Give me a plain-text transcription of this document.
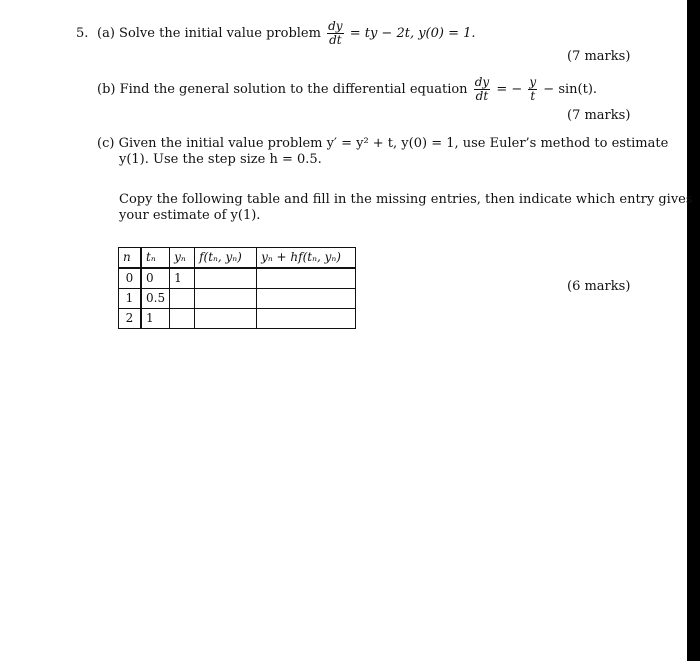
5. (a) Solve the initial value problem $\frac{dy}{dt}$ = ty − 2t, y(0) = 1.
(7 marks)
(b) Find the general solution to the differential equation $\frac{dy}{dt}$ = − $\frac{y}{t} - \sin(t)$.
(7 marks)
(c) Given the initial value problem y′ = y² + t, y(0) = 1, use Euler’s method to estimate
y(1). Use the step size h = 0.5.
Copy the following table and fill in the missing entries, then indicate which entry gives
your estimate of y(1).
n	tₙ	yₙ	f(tₙ, yₙ)	yₙ + hf(tₙ, yₙ)
0	0	1		
1	0.5			
2	1			
(6 marks)
